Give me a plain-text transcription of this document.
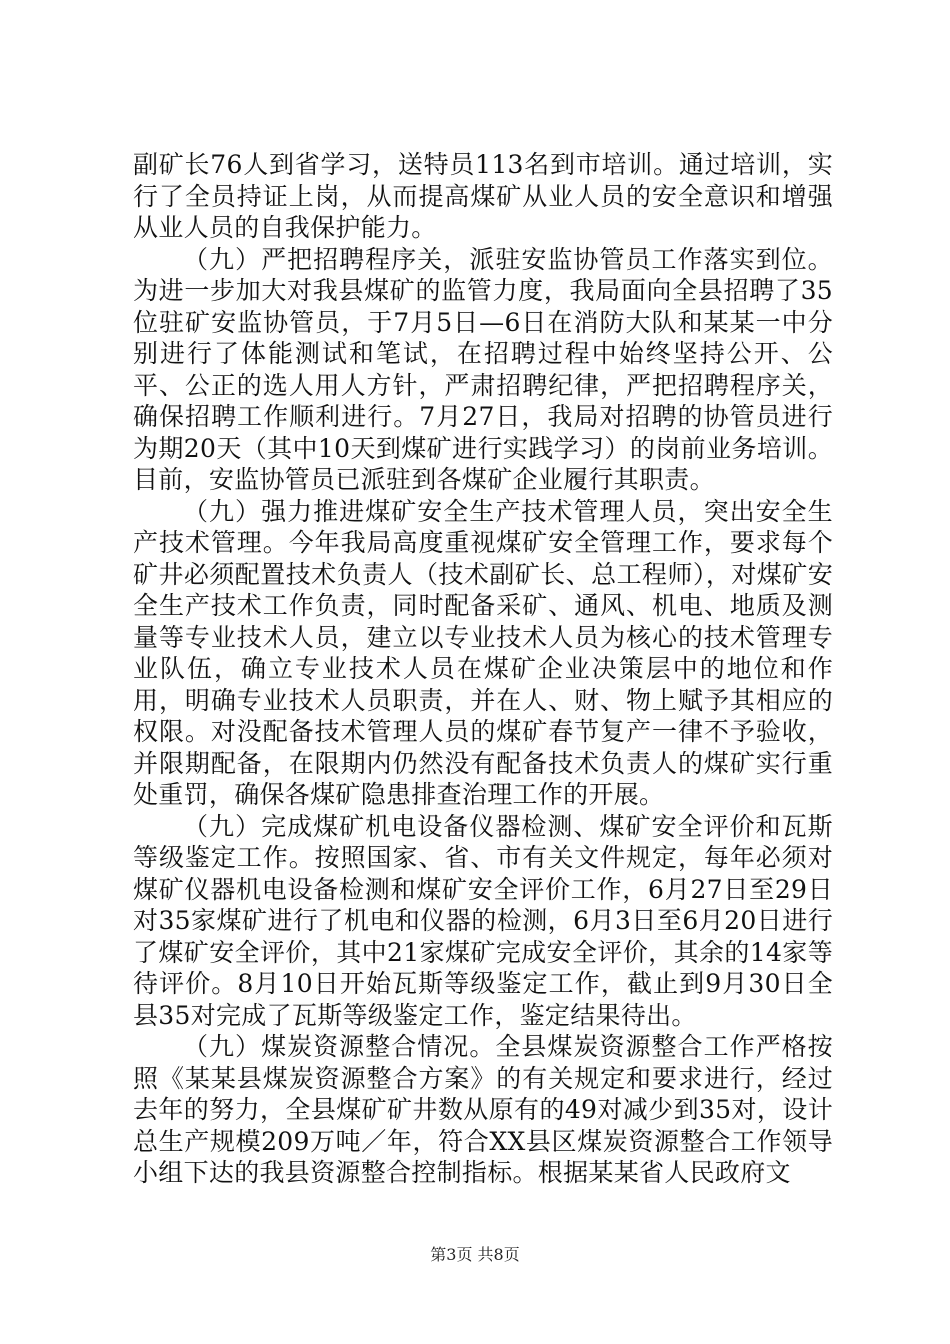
副矿长76人到省学习，送特员113名到市培训。通过培训，实行了全员持证上岗，从而提高煤矿从业人员的安全意识和增强从业人员的自我保护能力。

（九）严把招聘程序关，派驻安监协管员工作落实到位。为进一步加大对我县煤矿的监管力度，我局面向全县招聘了35位驻矿安监协管员，于7月5日—6日在消防大队和某某一中分别进行了体能测试和笔试，在招聘过程中始终坚持公开、公平、公正的选人用人方针，严肃招聘纪律，严把招聘程序关，确保招聘工作顺利进行。7月27日，我局对招聘的协管员进行为期20天（其中10天到煤矿进行实践学习）的岗前业务培训。目前，安监协管员已派驻到各煤矿企业履行其职责。

（九）强力推进煤矿安全生产技术管理人员，突出安全生产技术管理。今年我局高度重视煤矿安全管理工作，要求每个矿井必须配置技术负责人（技术副矿长、总工程师），对煤矿安全生产技术工作负责，同时配备采矿、通风、机电、地质及测量等专业技术人员，建立以专业技术人员为核心的技术管理专业队伍，确立专业技术人员在煤矿企业决策层中的地位和作用，明确专业技术人员职责，并在人、财、物上赋予其相应的权限。对没配备技术管理人员的煤矿春节复产一律不予验收，并限期配备，在限期内仍然没有配备技术负责人的煤矿实行重处重罚，确保各煤矿隐患排查治理工作的开展。

（九）完成煤矿机电设备仪器检测、煤矿安全评价和瓦斯等级鉴定工作。按照国家、省、市有关文件规定，每年必须对煤矿仪器机电设备检测和煤矿安全评价工作，6月27日至29日对35家煤矿进行了机电和仪器的检测，6月3日至6月20日进行了煤矿安全评价，其中21家煤矿完成安全评价，其余的14家等待评价。8月10日开始瓦斯等级鉴定工作，截止到9月30日全县35对完成了瓦斯等级鉴定工作，鉴定结果待出。

（九）煤炭资源整合情况。全县煤炭资源整合工作严格按照《某某县煤炭资源整合方案》的有关规定和要求进行，经过去年的努力，全县煤矿矿井数从原有的49对减少到35对，设计总生产规模209万吨／年，符合XX县区煤炭资源整合工作领导小组下达的我县资源整合控制指标。根据某某省人民政府文

第3页 共8页
